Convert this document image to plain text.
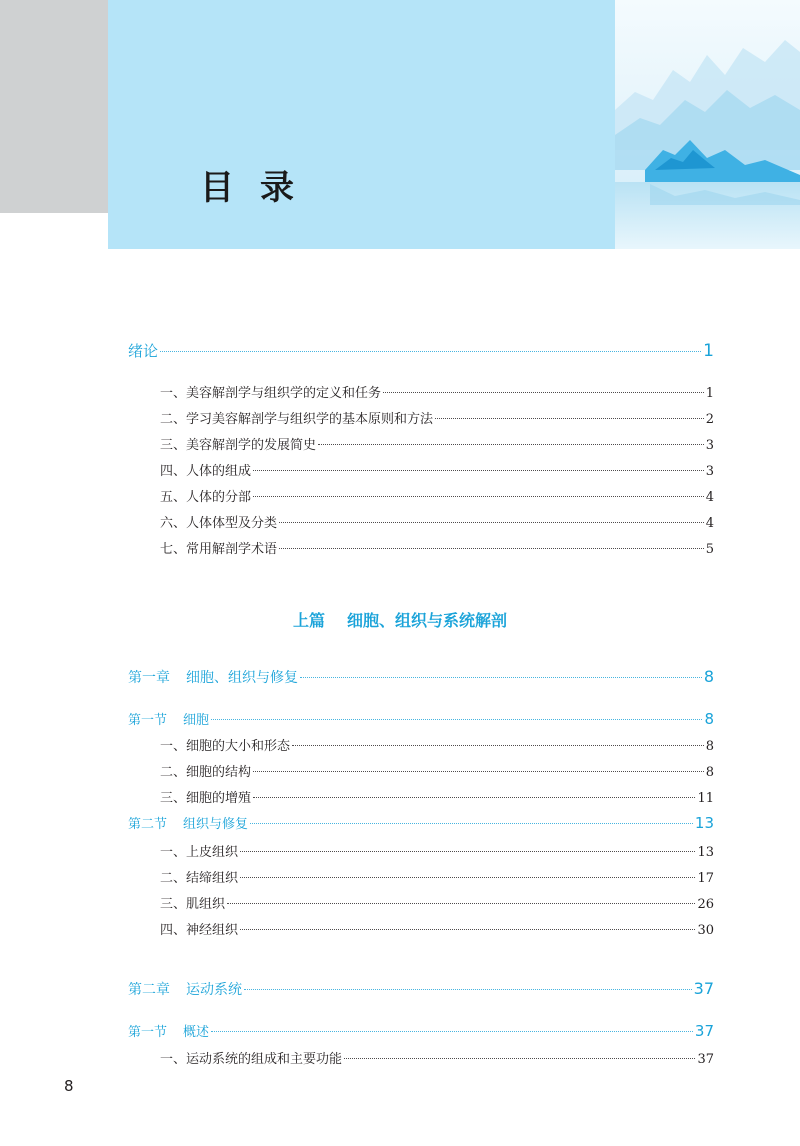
目录
绪论	1
一、美容解剖学与组织学的定义和任务	1
二、学习美容解剖学与组织学的基本原则和方法	2
三、美容解剖学的发展简史	3
四、人体的组成	3
五、人体的分部	4
六、人体体型及分类	4
七、常用解剖学术语	5
上篇 细胞、组织与系统解剖
第一章 细胞、组织与修复	8
第一节 细胞	8
一、细胞的大小和形态	8
二、细胞的结构	8
三、细胞的增殖	11
第二节 组织与修复	13
一、上皮组织	13
二、结缔组织	17
三、肌组织	26
四、神经组织	30
第二章 运动系统	37
第一节 概述	37
一、运动系统的组成和主要功能	37
8
